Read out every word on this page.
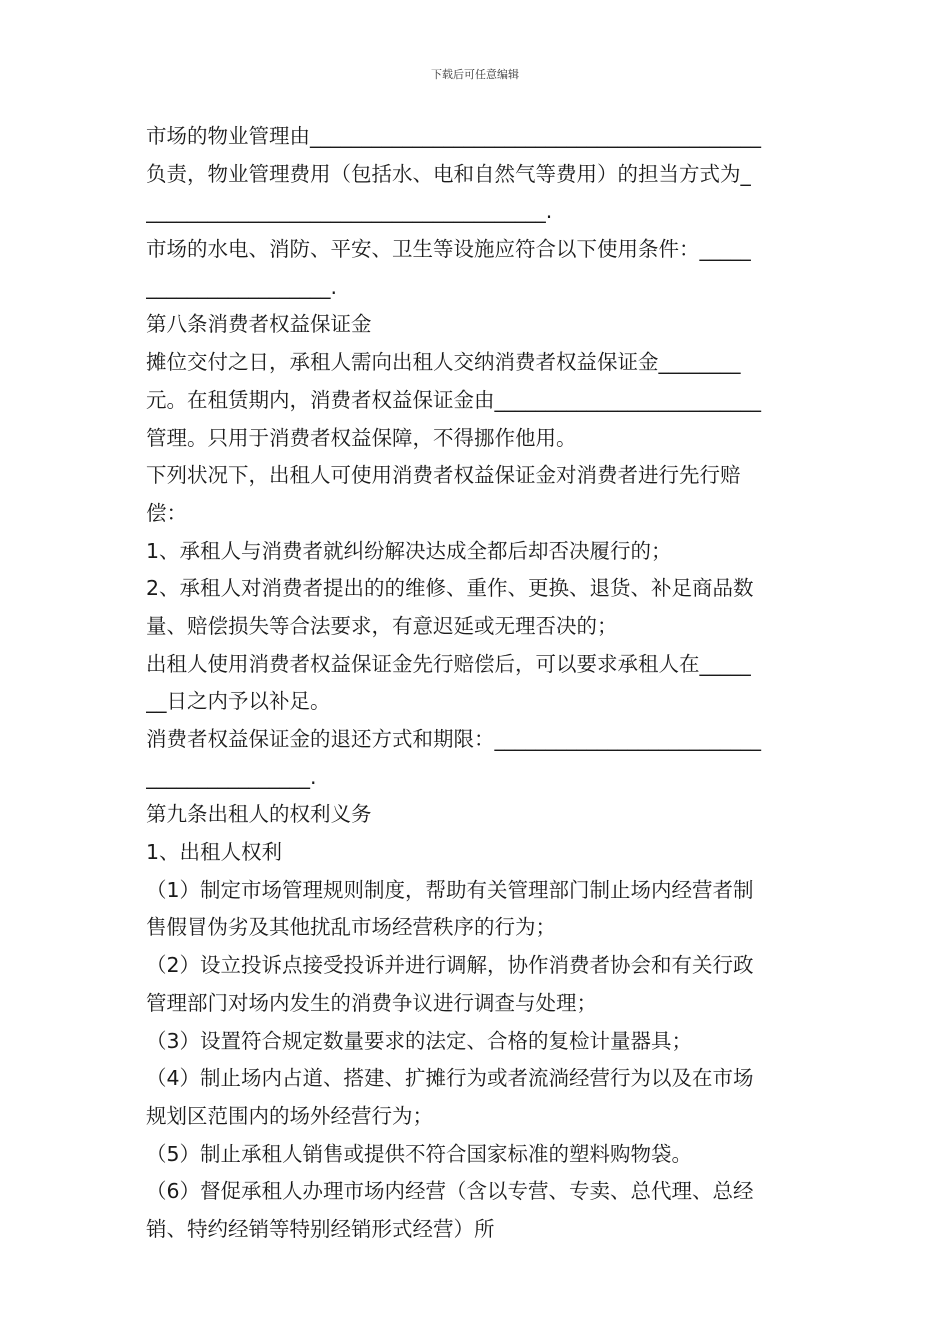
下载后可任意编辑
市场的物业管理由____________________________________________
负责，物业管理费用（包括水、电和自然气等费用）的担当方式为_
_______________________________________.
市场的水电、消防、平安、卫生等设施应符合以下使用条件：_____
__________________.
第八条消费者权益保证金
摊位交付之日，承租人需向出租人交纳消费者权益保证金________
元。在租赁期内，消费者权益保证金由__________________________
管理。只用于消费者权益保障，不得挪作他用。
下列状况下，出租人可使用消费者权益保证金对消费者进行先行赔
偿：
1、承租人与消费者就纠纷解决达成全都后却否决履行的；
2、承租人对消费者提出的的维修、重作、更换、退货、补足商品数
量、赔偿损失等合法要求，有意迟延或无理否决的；
出租人使用消费者权益保证金先行赔偿后，可以要求承租人在_____
__日之内予以补足。
消费者权益保证金的退还方式和期限：__________________________
________________.
第九条出租人的权利义务
1、出租人权利
（1）制定市场管理规则制度，帮助有关管理部门制止场内经营者制
售假冒伪劣及其他扰乱市场经营秩序的行为；
（2）设立投诉点接受投诉并进行调解，协作消费者协会和有关行政
管理部门对场内发生的消费争议进行调查与处理；
（3）设置符合规定数量要求的法定、合格的复检计量器具；
（4）制止场内占道、搭建、扩摊行为或者流淌经营行为以及在市场
规划区范围内的场外经营行为；
（5）制止承租人销售或提供不符合国家标准的塑料购物袋。
（6）督促承租人办理市场内经营（含以专营、专卖、总代理、总经
销、特约经销等特别经销形式经营）所
